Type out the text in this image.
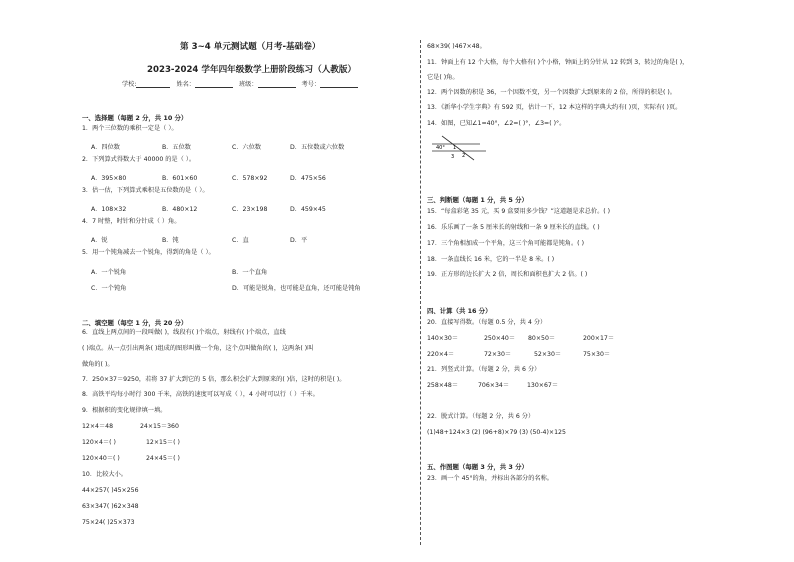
第 3~4 单元测试题（月考-基础卷）
2023-2024 学年四年级数学上册阶段练习（人教版）
学校:	姓名：	班级：	考号：
一、选择题（每题 2 分，共 10 分）
1．两个三位数的乘积一定是（ ）。
A．四位数	B．五位数	C．六位数	D．五位数或六位数
2．下列算式得数大于 40000 的是（ ）。
A．395×80	B．601×60	C．578×92	D．475×56
3．估一估，下列算式乘积是五位数的是（ ）。
A．108×32	B．480×12	C．23×198	D．459×45
4．7 时整，时针和分针成（ ）角。
A．锐	B．钝	C．直	D．平
5．用一个钝角减去一个锐角，得到的角是（ ）。
A．一个锐角	B．一个直角
C．一个钝角	D．可能是锐角，也可能是直角，还可能是钝角
二、填空题（每空 1 分，共 20 分）
6．直线上两点间的一段叫做( )，线段有( )个端点，射线有( )个端点，直线
( )端点。从一点引出两条( )组成的图形叫做一个角，这个点叫做角的( )，这两条( )叫
做角的( )。
7．250×37＝9250，若将 37 扩大到它的 5 倍，那么积会扩大到原来的( )倍，这时的积是( )。
8．高铁平均每小时行 300 千米，高铁的速度可以写成（ ），4 小时可以行（ ）千米。
9．根据积的变化规律填一填。
12×4＝48	24×15＝360
120×4＝( )	12×15＝( )
120×40＝( )	24×45＝( )
10．比较大小。
44×257( )45×256
63×347( )62×348
75×24( )25×373
68×39( )467×48。
11．钟面上有 12 个大格，每个大格有( )个小格，钟面上的分针从 12 转到 3，转过的角是( )，
它是( )角。
12．两个因数的积是 36，一个因数不变，另一个因数扩大到原来的 2 倍，所得的积是( )。
13．《新华小学生字典》有 592 页，估计一下，12 本这样的字典大约有( )页，实际有( )页。
14．如图，已知∠1=40°，∠2=( )°，∠3=( )°。
40° 1
2
3
三、判断题（每题 1 分，共 5 分）
15．“每盒彩笔 35 元，买 9 盒要用多少钱？”这道题是求总价。( )
16．乐乐画了一条 5 厘米长的射线和一条 9 厘米长的直线。( )
17．三个角相加成一个平角，这三个角可能都是钝角。( )
18．一条直线长 16 米，它的一半是 8 米。( )
19．正方形的边长扩大 2 倍，周长和面积也扩大 2 倍。( )
四、计算（共 16 分）
20．直接写得数。（每题 0.5 分，共 4 分）
140×30＝	250×40＝ 80×50＝	200×17＝
220×4＝	72×30＝	52×30＝	75×30＝
21．列竖式计算。（每题 2 分，共 6 分）
258×48＝	706×34＝	130×67＝
22．脱式计算。（每题 2 分，共 6 分）
(1)48+124×3 (2) (96+8)×79 (3) (50-4)×125
五、作图题（每题 3 分，共 3 分）
23．画一个 45°的角，并标出各部分的名称。
